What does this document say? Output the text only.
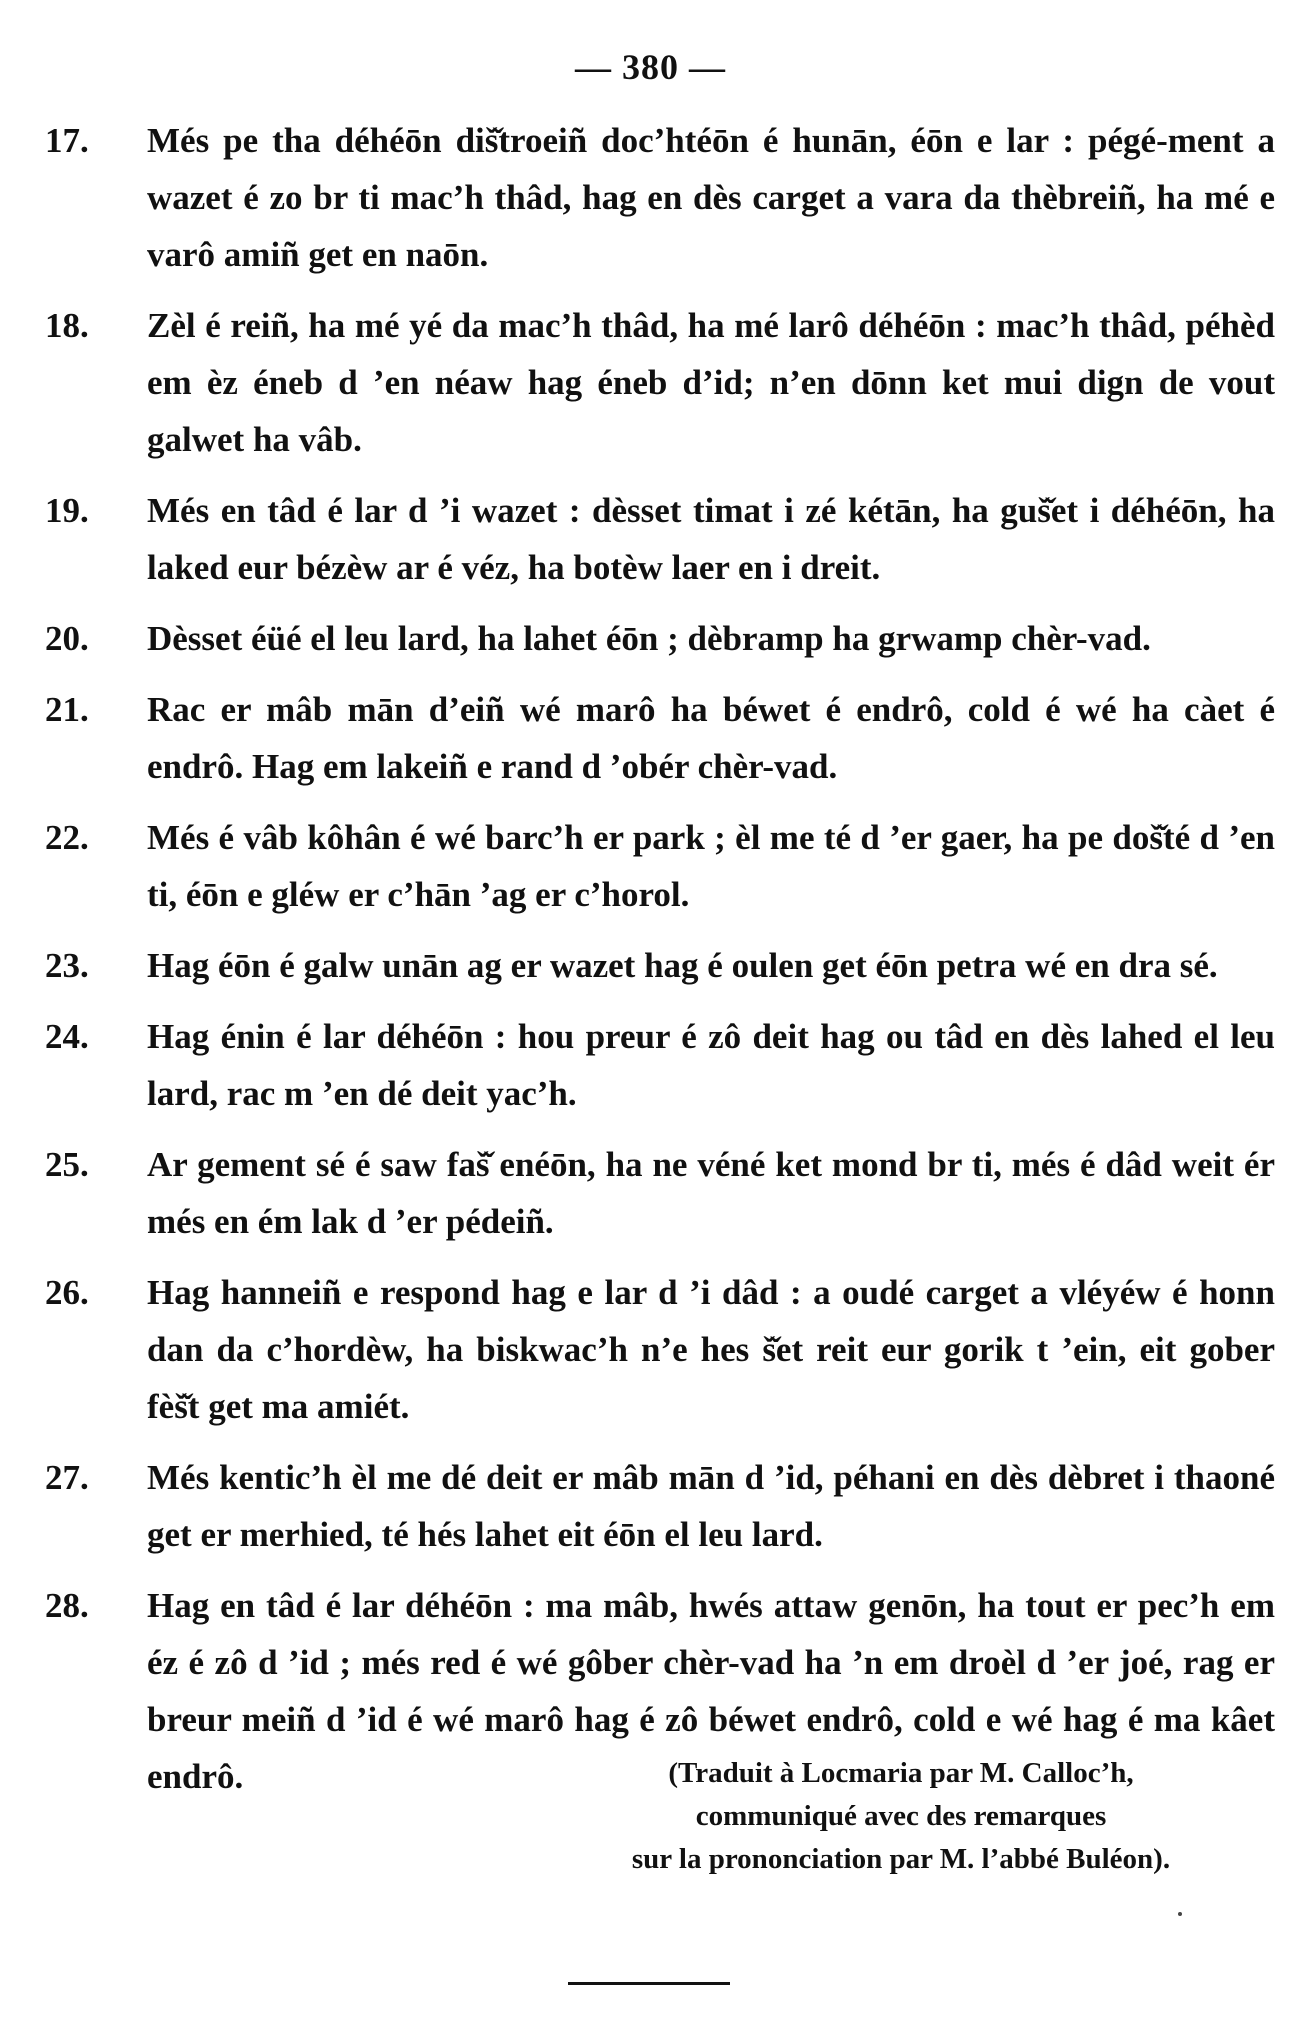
— 380 —
17.	Més pe tha déhéōn diš̌troeiñ doc’htéōn é hunān, éōn e lar : pégé-ment a wazet é zo br ti mac’h thâd, hag en dès carget a vara da thèbreiñ, ha mé e varô amiñ get en naōn.
18.	Zèl é reiñ, ha mé yé da mac’h thâd, ha mé larô déhéōn : mac’h thâd, péhèd em èz éneb d ’en néaw hag éneb d’id; n’en dōnn ket mui dign de vout galwet ha vâb.
19.	Més en tâd é lar d ’i wazet : dèsset timat i zé kétān, ha guš̌et i déhéōn, ha laked eur bézèw ar é véz, ha botèw laer en i dreit.
20.	Dèsset éüé el leu lard, ha lahet éōn ; dèbramp ha grwamp chèr-vad.
21.	Rac er mâb mān d’eiñ wé marô ha béwet é endrô, cold é wé ha càet é endrô. Hag em lakeiñ e rand d ’obér chèr-vad.
22.	Més é vâb kôhân é wé barc’h er park ; èl me té d ’er gaer, ha pe doš̌té d ’en ti, éōn e gléw er c’hān ’ag er c’horol.
23.	Hag éōn é galw unān ag er wazet hag é oulen get éōn petra wé en dra sé.
24.	Hag énin é lar déhéōn : hou preur é zô deit hag ou tâd en dès lahed el leu lard, rac m ’en dé deit yac’h.
25.	Ar gement sé é saw faš̌ enéōn, ha ne véné ket mond br ti, més é dâd weit ér més en ém lak d ’er pédeiñ.
26.	Hag hanneiñ e respond hag e lar d ’i dâd : a oudé carget a vléyéw é honn dan da c’hordèw, ha biskwac’h n’e hes š̌et reit eur gorik t ’ein, eit gober fèš̌t get ma amiét.
27.	Més kentic’h èl me dé deit er mâb mān d ’id, péhani en dès dèbret i thaoné get er merhied, té hés lahet eit éōn el leu lard.
28.	Hag en tâd é lar déhéōn : ma mâb, hwés attaw genōn, ha tout er pec’h em éz é zô d ’id ; més red é wé gôber chèr-vad ha ’n em droèl d ’er joé, rag er breur meiñ d ’id é wé marô hag é zô béwet endrô, cold e wé hag é ma kâet endrô.	(Traduit à Locmaria par M. Calloc’h,
communiqué avec des remarques
sur la prononciation par M. l’abbé Buléon).
